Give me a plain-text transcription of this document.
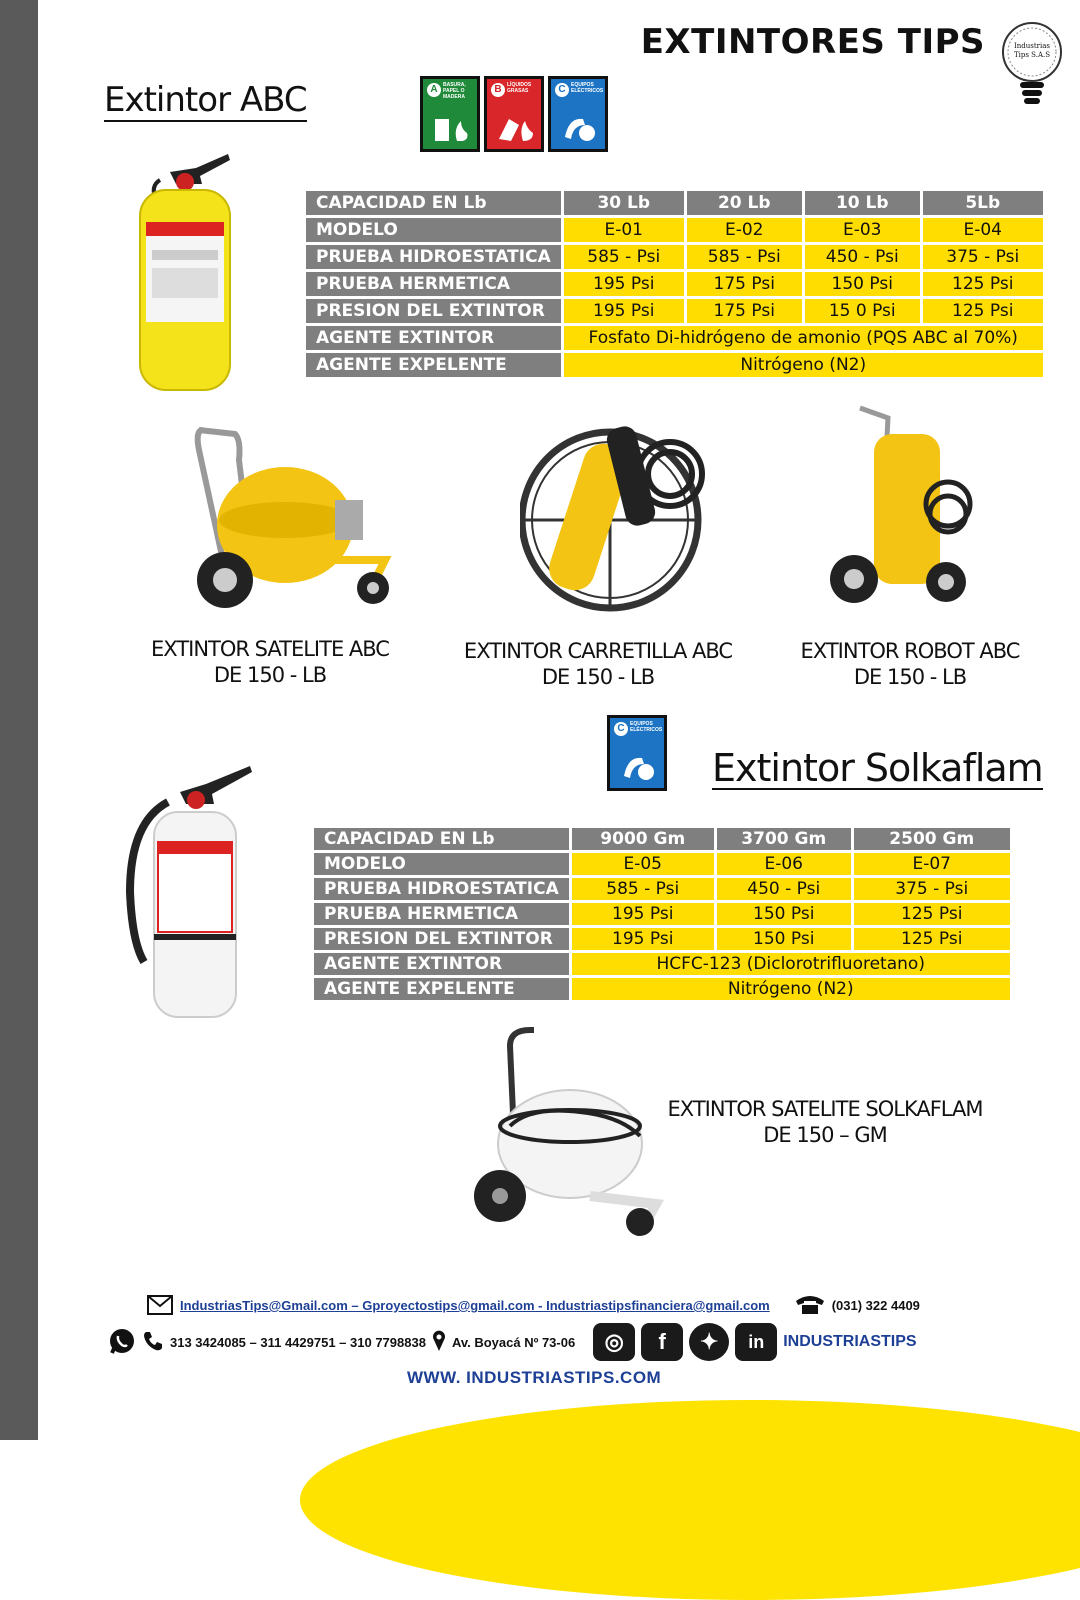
EXTINTORES TIPS	Industrias Tips S.A.S
Extintor ABC	A	BASURA, PAPEL O MADERA
B	LÍQUIDOS GRASAS	C	EQUIPOS ELÉCTRICOS
CAPACIDAD EN Lb	30 Lb	20 Lb	10 Lb	5Lb
MODELO	E-01	E-02	E-03	E-04
PRUEBA HIDROESTATICA	585 - Psi	585 - Psi	450 - Psi	375 - Psi
PRUEBA HERMETICA	195 Psi	175 Psi	150 Psi	125 Psi
PRESION DEL EXTINTOR	195 Psi	175 Psi	15 0 Psi	125 Psi
AGENTE EXTINTOR	Fosfato Di-hidrógeno de amonio (PQS ABC al 70%)			
AGENTE EXPELENTE	Nitrógeno (N2)			
EXTINTOR SATELITE ABC
DE 150 - LB
EXTINTOR CARRETILLA ABC
DE 150 - LB
EXTINTOR ROBOT ABC
DE 150 - LB
C	EQUIPOS ELÉCTRICOS
Extintor Solkaflam
CAPACIDAD EN Lb	9000 Gm	3700 Gm	2500 Gm
MODELO	E-05	E-06	E-07
PRUEBA HIDROESTATICA	585 - Psi	450 - Psi	375 - Psi
PRUEBA HERMETICA	195 Psi	150 Psi	125 Psi
PRESION DEL EXTINTOR	195 Psi	150 Psi	125 Psi
AGENTE EXTINTOR	HCFC-123 (Diclorotrifluoretano)		
AGENTE EXPELENTE	Nitrógeno (N2)		
EXTINTOR SATELITE SOLKAFLAM
DE 150 – GM
IndustriasTips@Gmail.com – Gproyectostips@gmail.com - Industriastipsfinanciera@gmail.com	(031) 322 4409
313 3424085 – 311 4429751 – 310 7798838 Av. Boyacá Nº 73-06	◎	f	✦	in	INDUSTRIASTIPS
WWW. INDUSTRIASTIPS.COM
